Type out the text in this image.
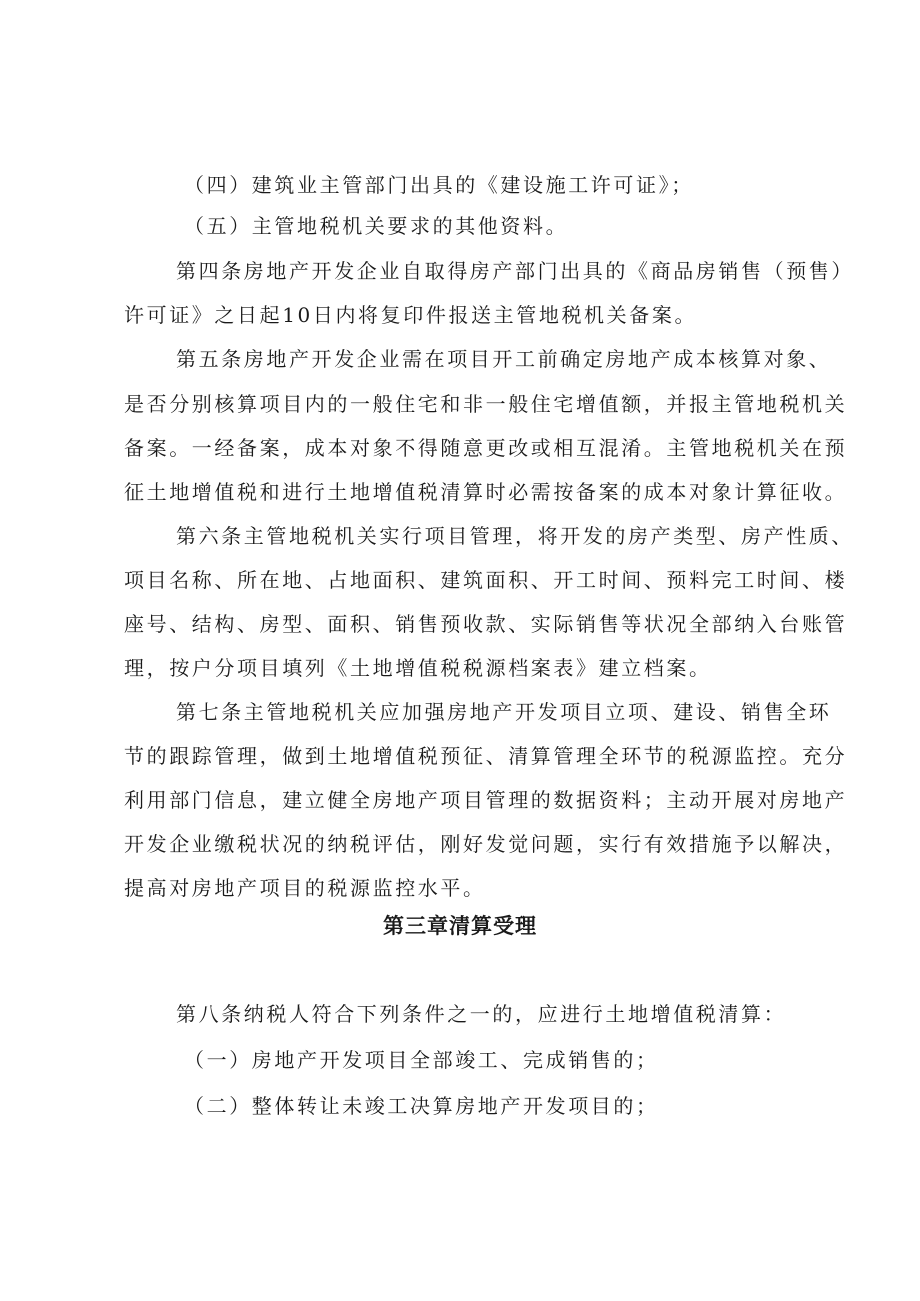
（四）建筑业主管部门出具的《建设施工许可证》；

（五）主管地税机关要求的其他资料。

第四条房地产开发企业自取得房产部门出具的《商品房销售（预售）

许可证》之日起10日内将复印件报送主管地税机关备案。

第五条房地产开发企业需在项目开工前确定房地产成本核算对象、

是否分别核算项目内的一般住宅和非一般住宅增值额，并报主管地税机关

备案。一经备案，成本对象不得随意更改或相互混淆。主管地税机关在预

征土地增值税和进行土地增值税清算时必需按备案的成本对象计算征收。

第六条主管地税机关实行项目管理，将开发的房产类型、房产性质、

项目名称、所在地、占地面积、建筑面积、开工时间、预料完工时间、楼

座号、结构、房型、面积、销售预收款、实际销售等状况全部纳入台账管

理，按户分项目填列《土地增值税税源档案表》建立档案。

第七条主管地税机关应加强房地产开发项目立项、建设、销售全环

节的跟踪管理，做到土地增值税预征、清算管理全环节的税源监控。充分

利用部门信息，建立健全房地产项目管理的数据资料；主动开展对房地产

开发企业缴税状况的纳税评估，刚好发觉问题，实行有效措施予以解决，

提高对房地产项目的税源监控水平。

第三章清算受理

第八条纳税人符合下列条件之一的，应进行土地增值税清算：

（一）房地产开发项目全部竣工、完成销售的；

（二）整体转让未竣工决算房地产开发项目的；
